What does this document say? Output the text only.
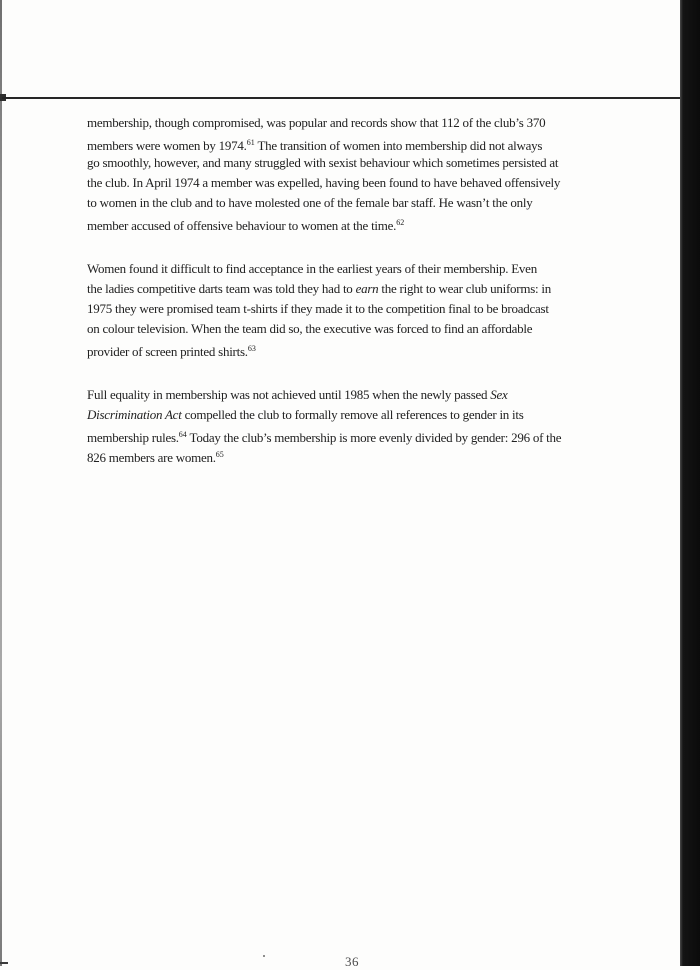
membership, though compromised, was popular and records show that 112 of the club’s 370
members were women by 1974.61 The transition of women into membership did not always
go smoothly, however, and many struggled with sexist behaviour which sometimes persisted at
the club. In April 1974 a member was expelled, having been found to have behaved offensively
to women in the club and to have molested one of the female bar staff. He wasn’t the only
member accused of offensive behaviour to women at the time.$^{62}$
Women found it difficult to find acceptance in the earliest years of their membership. Even
the ladies competitive darts team was told they had to earn the right to wear club uniforms: in
1975 they were promised team t-shirts if they made it to the competition final to be broadcast
on colour television. When the team did so, the executive was forced to find an affordable
provider of screen printed shirts.$^{63}$
Full equality in membership was not achieved until 1985 when the newly passed Sex
Discrimination Act compelled the club to formally remove all references to gender in its
membership rules.$^{64}$ Today the club’s membership is more evenly divided by gender: 296 of the
826 members are women.$^{65}$
36
